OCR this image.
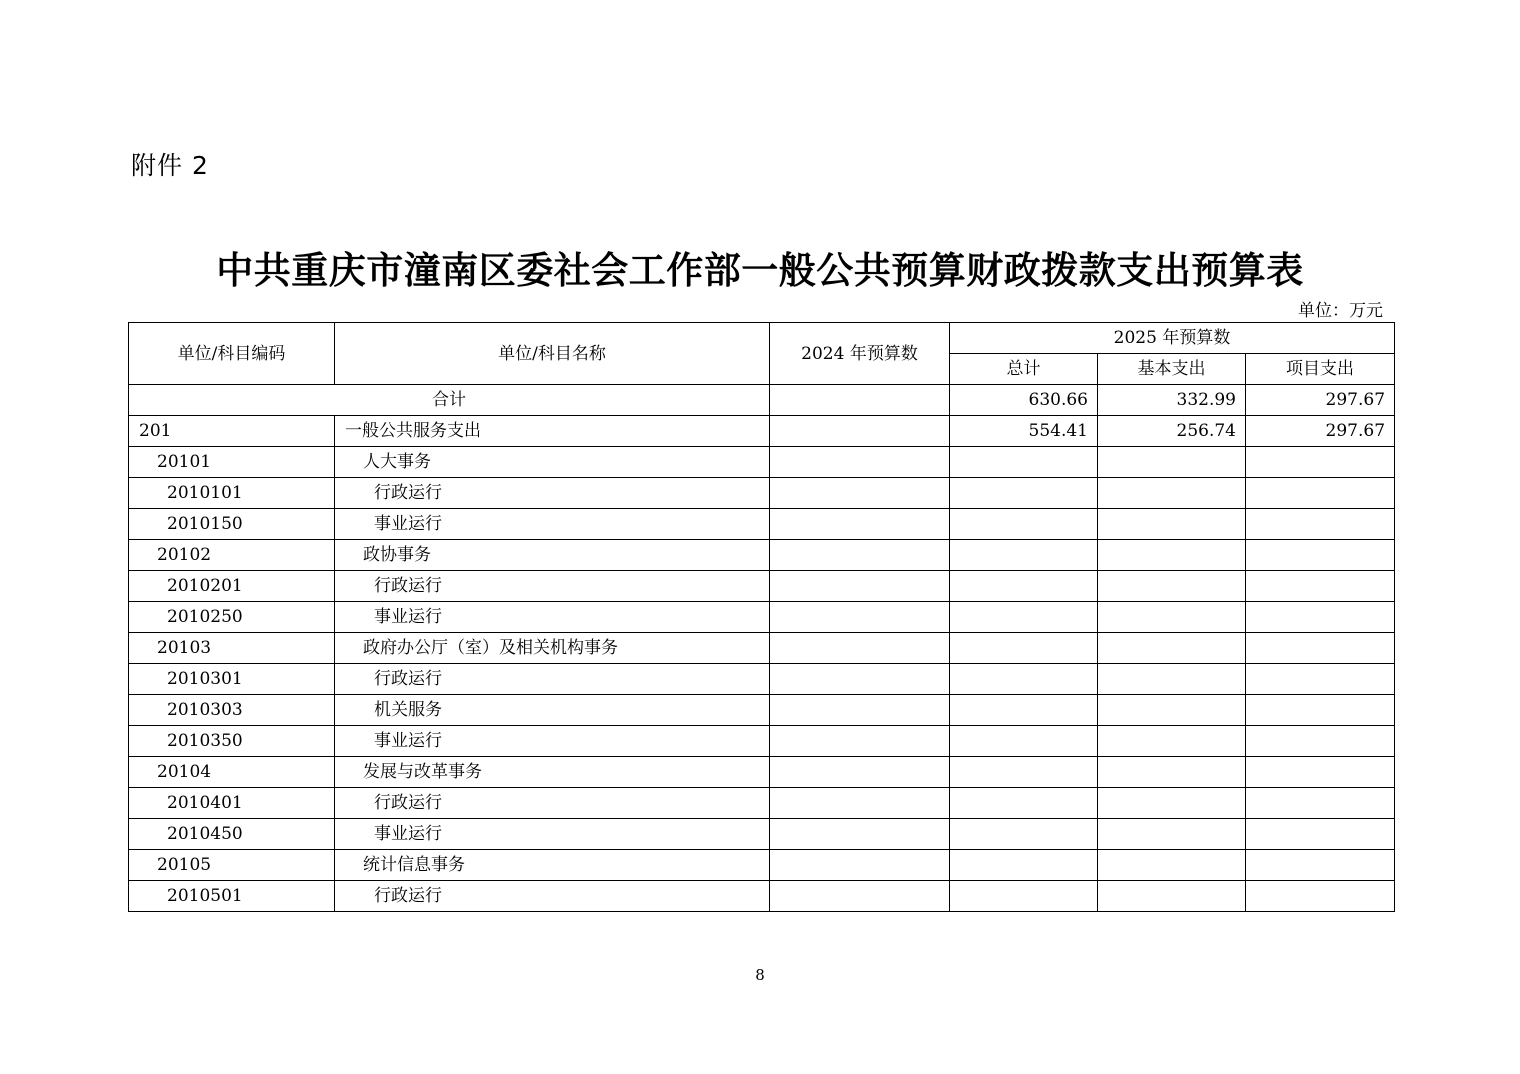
附件 2
中共重庆市潼南区委社会工作部一般公共预算财政拨款支出预算表
单位：万元
单位/科目编码	单位/科目名称	2024 年预算数	2025 年预算数		
			总计	基本支出	项目支出
合计			630.66	332.99	297.67
201	一般公共服务支出		554.41	256.74	297.67
20101	人大事务				
2010101	行政运行				
2010150	事业运行				
20102	政协事务				
2010201	行政运行				
2010250	事业运行				
20103	政府办公厅（室）及相关机构事务				
2010301	行政运行				
2010303	机关服务				
2010350	事业运行				
20104	发展与改革事务				
2010401	行政运行				
2010450	事业运行				
20105	统计信息事务				
2010501	行政运行				
8
